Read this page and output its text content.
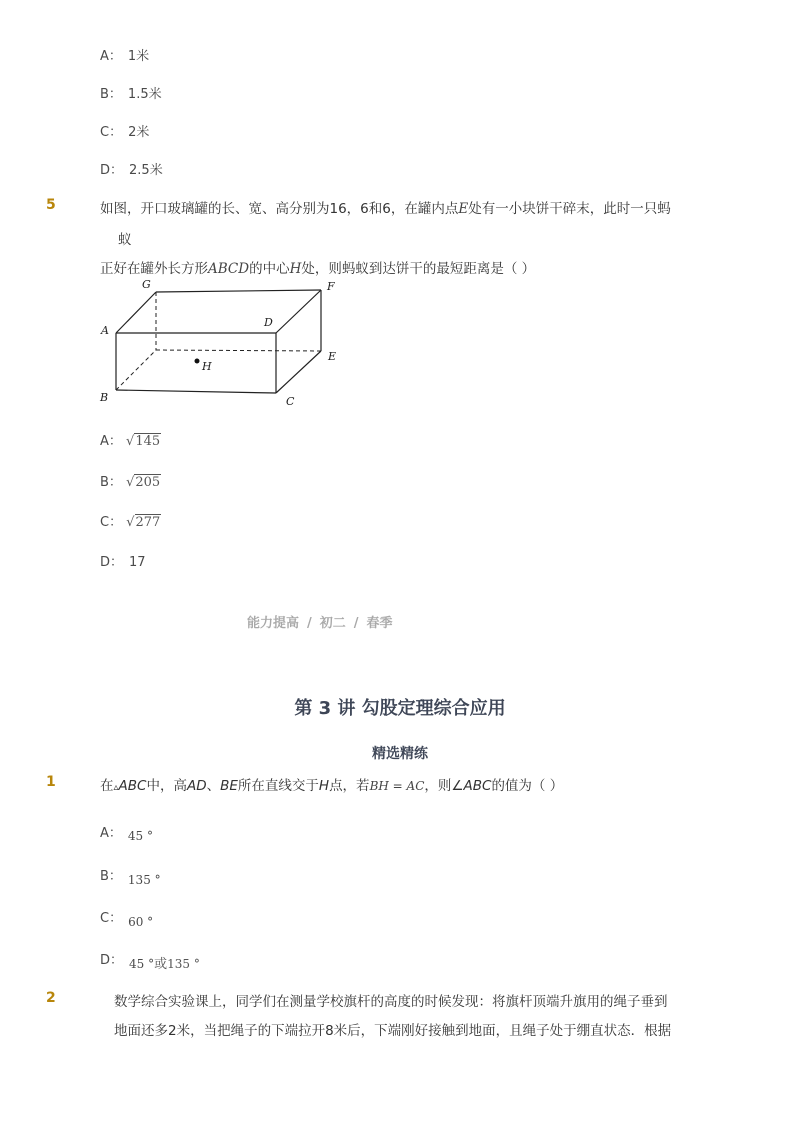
A： 1米
B： 1.5米
C： 2米
D： 2.5米
5	如图，开口玻璃罐的长、宽、高分别为16，6和6，在罐内点E处有一小块饼干碎末，此时一只蚂
蚁
正好在罐外长方形ABCD的中心H处，则蚂蚁到达饼干的最短距离是（ ）
G	F
A
D
E
H
B	C
A： √145
B： √205
C： √277
D： 17
能力提高 / 初二 / 春季
第 3 讲 勾股定理综合应用
精选精练
1	在▵ABC中，高AD、BE所在直线交于H点，若BH = AC，则∠ABC的值为（ ）
A： 45 °
B： 135 °
C： 60 °
D： 45 °或135 °
2	数学综合实验课上，同学们在测量学校旗杆的高度的时候发现：将旗杆顶端升旗用的绳子垂到
地面还多2米，当把绳子的下端拉开8米后，下端刚好接触到地面，且绳子处于绷直状态．根据
